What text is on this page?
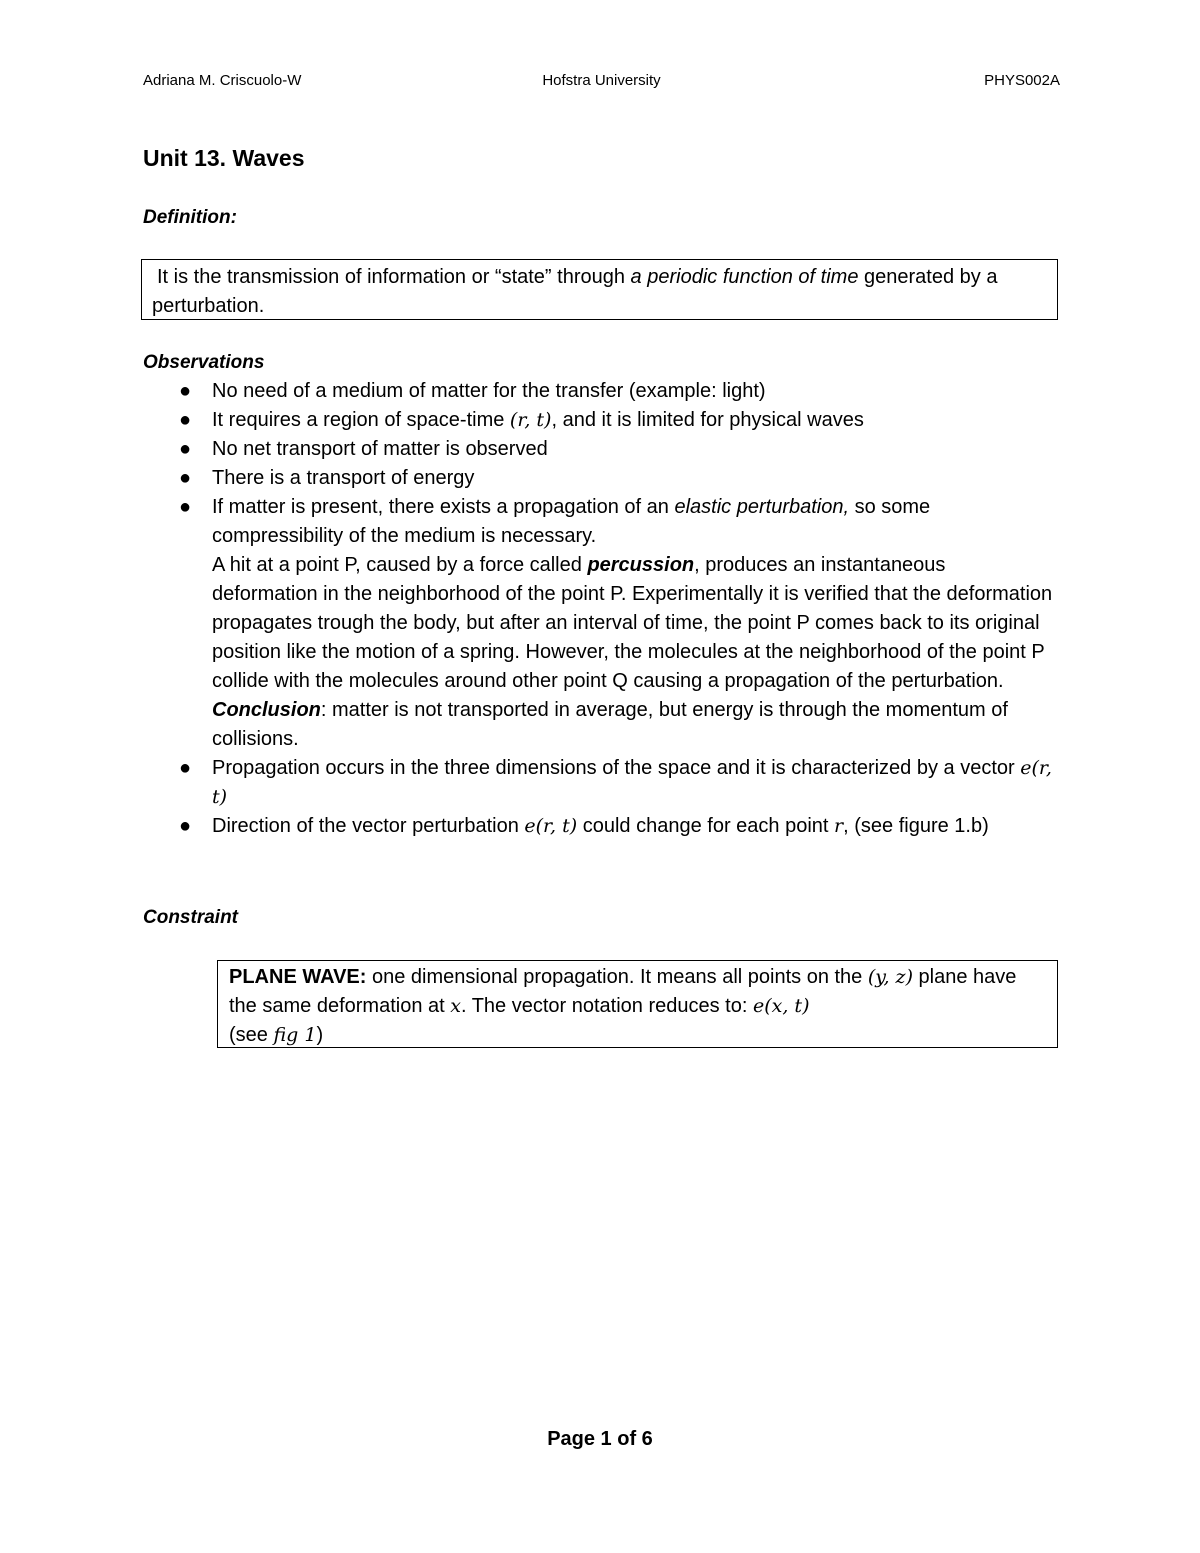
Adriana M. Criscuolo-W	Hofstra University	PHYS002A
Unit 13. Waves
Definition:
It is the transmission of information or “state” through a periodic function of time generated by a perturbation.
Observations
● No need of a medium of matter for the transfer (example: light)
● It requires a region of space-time (r, t), and it is limited for physical waves
● No net transport of matter is observed
● There is a transport of energy
● If matter is present, there exists a propagation of an elastic perturbation, so some compressibility of the medium is necessary.
A hit at a point P, caused by a force called percussion, produces an instantaneous deformation in the neighborhood of the point P. Experimentally it is verified that the deformation propagates trough the body, but after an interval of time, the point P comes back to its original position like the motion of a spring. However, the molecules at the neighborhood of the point P collide with the molecules around other point Q causing a propagation of the perturbation. Conclusion: matter is not transported in average, but energy is through the momentum of collisions.
● Propagation occurs in the three dimensions of the space and it is characterized by a vector e(r, t)
● Direction of the vector perturbation e(r, t) could change for each point r, (see figure 1.b)
Constraint
PLANE WAVE: one dimensional propagation. It means all points on the (y, z) plane have the same deformation at x. The vector notation reduces to: e(x, t)
(see fig 1)
Page 1 of 6
